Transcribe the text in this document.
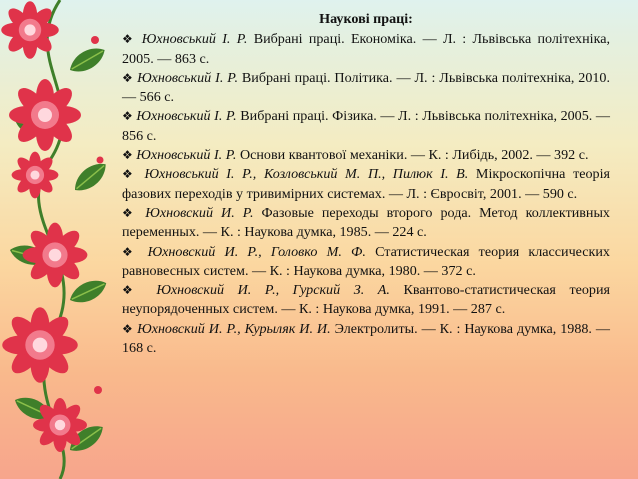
Наукові праці:
❖ Юхновський І. Р. Вибрані праці. Економіка. — Л. : Львівська політехніка, 2005. — 863 с.
❖ Юхновський І. Р. Вибрані праці. Політика. — Л. : Львівська політехніка, 2010. — 566 с.
❖ Юхновський І. Р. Вибрані праці. Фізика. — Л. : Львівська політехніка, 2005. — 856 с.
❖ Юхновський І. Р. Основи квантової механіки. — К. : Либідь, 2002. — 392 с.
❖ Юхновський І. Р., Козловський М. П., Пилюк І. В. Мікроскопічна теорія фазових переходів у тривимірних системах. — Л. : Євросвіт, 2001. — 590 с.
❖ Юхновский И. Р. Фазовые переходы второго рода. Метод коллективных переменных. — К. : Наукова думка, 1985. — 224 с.
❖ Юхновский И. Р., Головко М. Ф. Статистическая теория классических равновесных систем. — К. : Наукова думка, 1980. — 372 с.
❖ Юхновский И. Р., Гурский З. А. Квантово-статистическая теория неупорядоченных систем. — К. : Наукова думка, 1991. — 287 с.
❖ Юхновский И. Р., Курыляк И. И. Электролиты. — К. : Наукова думка, 1988. — 168 с.
